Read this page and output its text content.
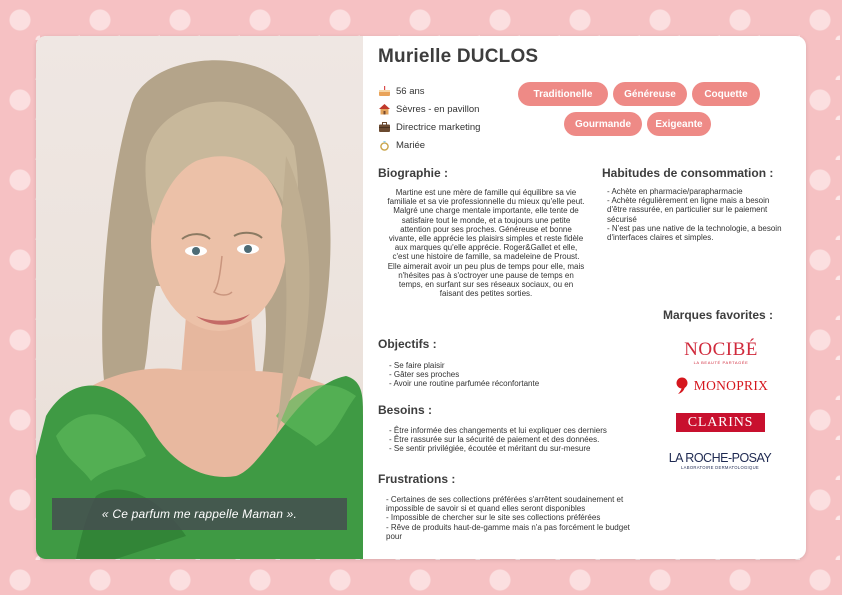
« Ce parfum me rappelle Maman ».
Murielle DUCLOS
56 ans
Sèvres - en pavillon
Directrice marketing
Mariée
Traditionelle	Généreuse	Coquette
Gourmande	Exigeante
Biographie :
Martine est une mère de famille qui équilibre sa vie familiale et sa vie professionnelle du mieux qu'elle peut. Malgré une charge mentale importante, elle tente de satisfaire tout le monde, et a toujours une petite attention pour ses proches. Généreuse et bonne vivante, elle apprécie les plaisirs simples et reste fidèle aux marques qu'elle apprécie. Roger&Gallet et elle, c'est une histoire de famille, sa madeleine de Proust. Elle aimerait avoir un peu plus de temps pour elle, mais n'hésites pas à s'octroyer une pause de temps en temps, en surfant sur ses réseaux sociaux, ou en faisant des petites sorties.
Habitudes de consommation :
- Achète en pharmacie/parapharmacie
- Achète régulièrement en ligne mais a besoin d'être rassurée, en particulier sur le paiement sécurisé
- N'est pas une native de la technologie, a besoin d'interfaces claires et simples.
Objectifs :
- Se faire plaisir
- Gâter ses proches
- Avoir une routine parfumée réconfortante
Besoins :
- Être informée des changements et lui expliquer ces derniers
- Être rassurée sur la sécurité de paiement et des données.
- Se sentir privilégiée, écoutée et méritant du sur-mesure
Frustrations :
- Certaines de ses collections préférées s'arrêtent soudainement et impossible de savoir si et quand elles seront disponibles
- Impossible de chercher sur le site ses collections préférées
- Rêve de produits haut-de-gamme mais n'a pas forcément le budget pour
Marques favorites :
NOCIBÉ
LA BEAUTÉ PARTAGÉE
MONOPRIX
CLARINS
LA ROCHE-POSAY
LABORATOIRE DERMATOLOGIQUE
